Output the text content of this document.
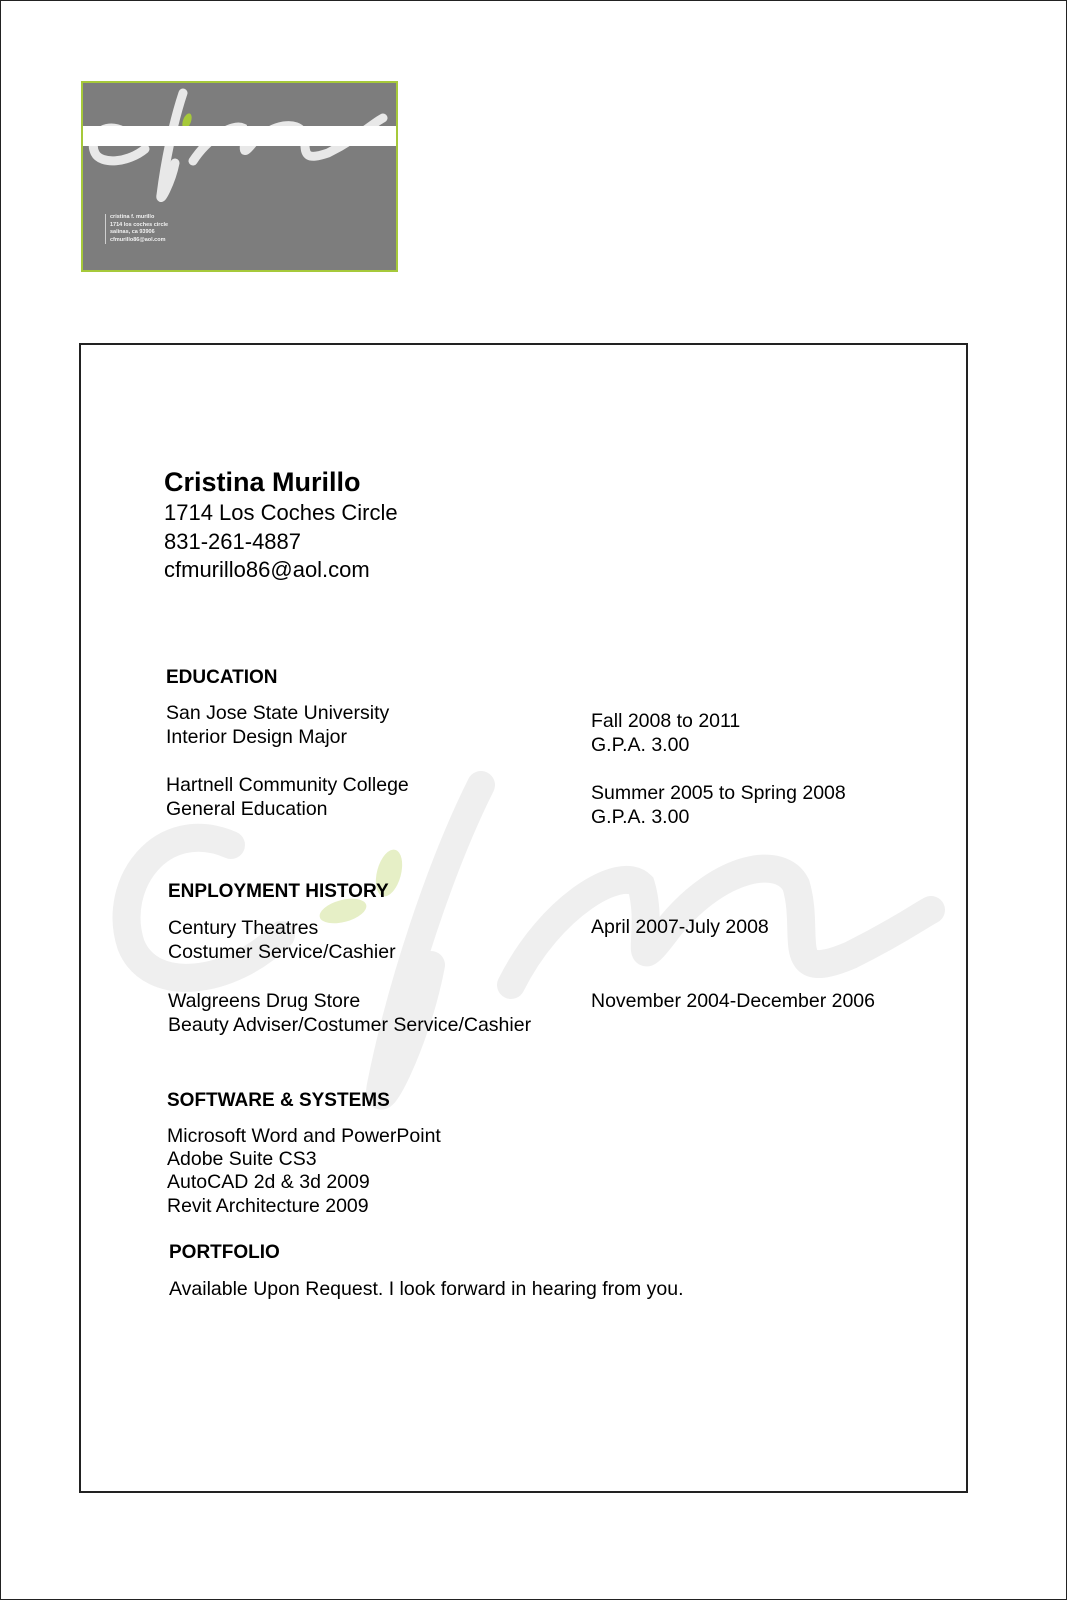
cristina f. murillo
1714 los coches circle
salinas, ca 93906
cfmurillo86@aol.com
Cristina Murillo
1714 Los Coches Circle
831-261-4887
cfmurillo86@aol.com
EDUCATION
San Jose State University
Interior Design Major
Fall 2008 to 2011
G.P.A. 3.00
Hartnell Community College
General Education
Summer 2005 to Spring 2008
G.P.A. 3.00
ENPLOYMENT HISTORY
Century Theatres
Costumer Service/Cashier
April 2007-July 2008
Walgreens Drug Store
Beauty Adviser/Costumer Service/Cashier
November 2004-December 2006
SOFTWARE & SYSTEMS
Microsoft Word and PowerPoint
Adobe Suite CS3
AutoCAD 2d & 3d 2009
Revit Architecture 2009
PORTFOLIO
Available Upon Request. I look forward in hearing from you.
